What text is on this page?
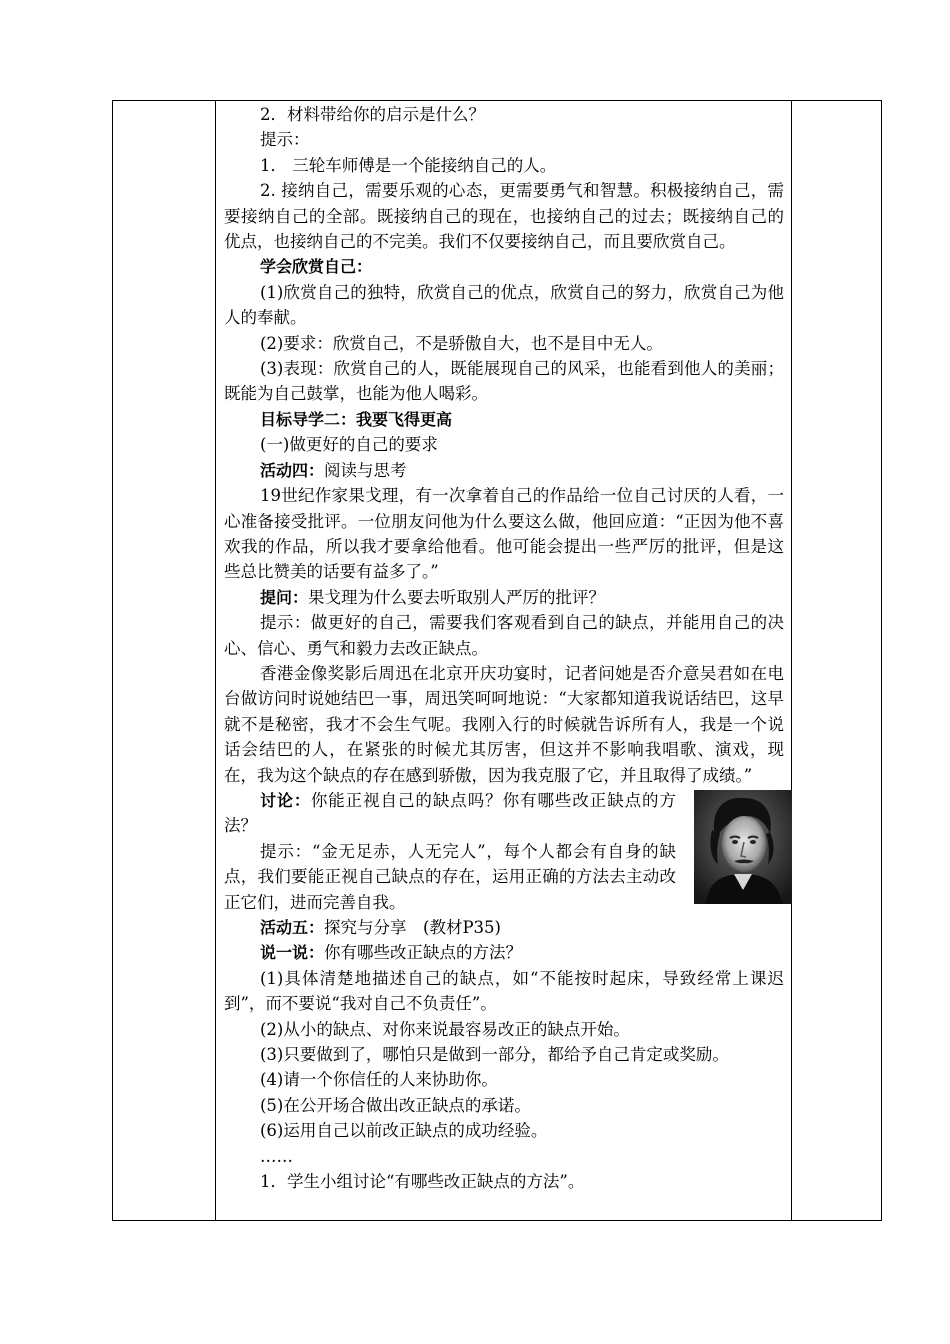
2．材料带给你的启示是什么？

提示：

1． 三轮车师傅是一个能接纳自己的人。

2. 接纳自己，需要乐观的心态，更需要勇气和智慧。积极接纳自己，需要接纳自己的全部。既接纳自己的现在，也接纳自己的过去；既接纳自己的优点，也接纳自己的不完美。我们不仅要接纳自己，而且要欣赏自己。

学会欣赏自己：

(1)欣赏自己的独特，欣赏自己的优点，欣赏自己的努力，欣赏自己为他人的奉献。

(2)要求：欣赏自己，不是骄傲自大，也不是目中无人。

(3)表现：欣赏自己的人，既能展现自己的风采，也能看到他人的美丽；既能为自己鼓掌，也能为他人喝彩。

目标导学二：我要飞得更高

(一)做更好的自己的要求

活动四：阅读与思考

19世纪作家果戈理，有一次拿着自己的作品给一位自己讨厌的人看，一心准备接受批评。一位朋友问他为什么要这么做，他回应道：“正因为他不喜欢我的作品，所以我才要拿给他看。他可能会提出一些严厉的批评，但是这些总比赞美的话要有益多了。”

提问：果戈理为什么要去听取别人严厉的批评？

提示：做更好的自己，需要我们客观看到自己的缺点，并能用自己的决心、信心、勇气和毅力去改正缺点。

香港金像奖影后周迅在北京开庆功宴时，记者问她是否介意吴君如在电台做访问时说她结巴一事，周迅笑呵呵地说：“大家都知道我说话结巴，这早就不是秘密，我才不会生气呢。我刚入行的时候就告诉所有人，我是一个说话会结巴的人，在紧张的时候尤其厉害，但这并不影响我唱歌、演戏，现在，我为这个缺点的存在感到骄傲，因为我克服了它，并且取得了成绩。”

讨论：你能正视自己的缺点吗？你有哪些改正缺点的方法？

提示：“金无足赤，人无完人”，每个人都会有自身的缺点，我们要能正视自己缺点的存在，运用正确的方法去主动改正它们，进而完善自我。

活动五：探究与分享　(教材P35)

说一说：你有哪些改正缺点的方法？

(1)具体清楚地描述自己的缺点，如“不能按时起床，导致经常上课迟到”，而不要说“我对自己不负责任”。

(2)从小的缺点、对你来说最容易改正的缺点开始。

(3)只要做到了，哪怕只是做到一部分，都给予自己肯定或奖励。

(4)请一个你信任的人来协助你。

(5)在公开场合做出改正缺点的承诺。

(6)运用自己以前改正缺点的成功经验。

……

1．学生小组讨论“有哪些改正缺点的方法”。
